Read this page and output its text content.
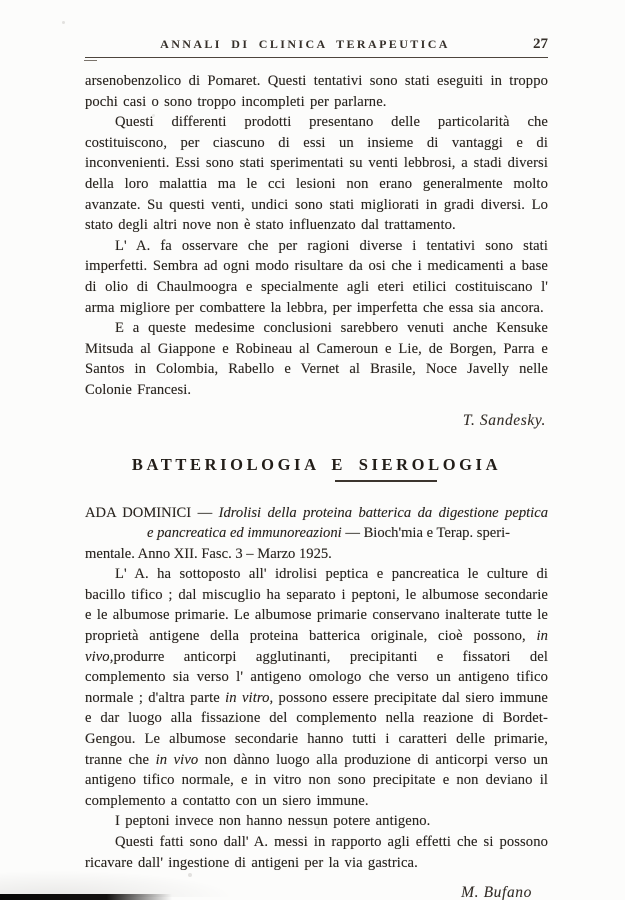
ANNALI DI CLINICA TERAPEUTICA	27

arsenobenzolico di Pomaret. Questi tentativi sono stati eseguiti in troppo pochi casi o sono troppo incompleti per parlarne.

Questi differenti prodotti presentano delle particolarità che costituiscono, per ciascuno di essi un insieme di vantaggi e di inconvenienti. Essi sono stati sperimentati su venti lebbrosi, a stadi diversi della loro malattia ma le cci lesioni non erano generalmente molto avanzate. Su questi venti, undici sono stati migliorati in gradi diversi. Lo stato degli altri nove non è stato influenzato dal trattamento.

L' A. fa osservare che per ragioni diverse i tentativi sono stati imperfetti. Sembra ad ogni modo risultare da osi che i medicamenti a base di olio di Chaulmoogra e specialmente agli eteri etilici costituiscano l' arma migliore per combattere la lebbra, per imperfetta che essa sia ancora.

E a queste medesime conclusioni sarebbero venuti anche Kensuke Mitsuda al Giappone e Robineau al Cameroun e Lie, de Borgen, Parra e Santos in Colombia, Rabello e Vernet al Brasile, Noce Javelly nelle Colonie Francesi.

T. Sandesky.

BATTERIOLOGIA E SIEROLOGIA
ADA DOMINICI — Idrolisi della proteina batterica da digestione peptica
e pancreatica ed immunoreazioni — Bioch'mia e Terap. speri-
mentale. Anno XII. Fasc. 3 – Marzo 1925.

L' A. ha sottoposto all' idrolisi peptica e pancreatica le culture di bacillo tifico ; dal miscuglio ha separato i peptoni, le albumose secondarie e le albumose primarie. Le albumose primarie conservano inalterate tutte le proprietà antigene della proteina batterica originale, cioè possono, in vivo,produrre anticorpi agglutinanti, precipitanti e fissatori del complemento sia verso l' antigeno omologo che verso un antigeno tifico normale ; d'altra parte in vitro, possono essere precipitate dal siero immune e dar luogo alla fissazione del complemento nella reazione di Bordet-Gengou. Le albumose secondarie hanno tutti i caratteri delle primarie, tranne che in vivo non dànno luogo alla produzione di anticorpi verso un antigeno tifico normale, e in vitro non sono precipitate e non deviano il complemento a contatto con un siero immune.

I peptoni invece non hanno nessun potere antigeno.

Questi fatti sono dall' A. messi in rapporto agli effetti che si possono ricavare dall' ingestione di antigeni per la via gastrica.

M. Bufano
